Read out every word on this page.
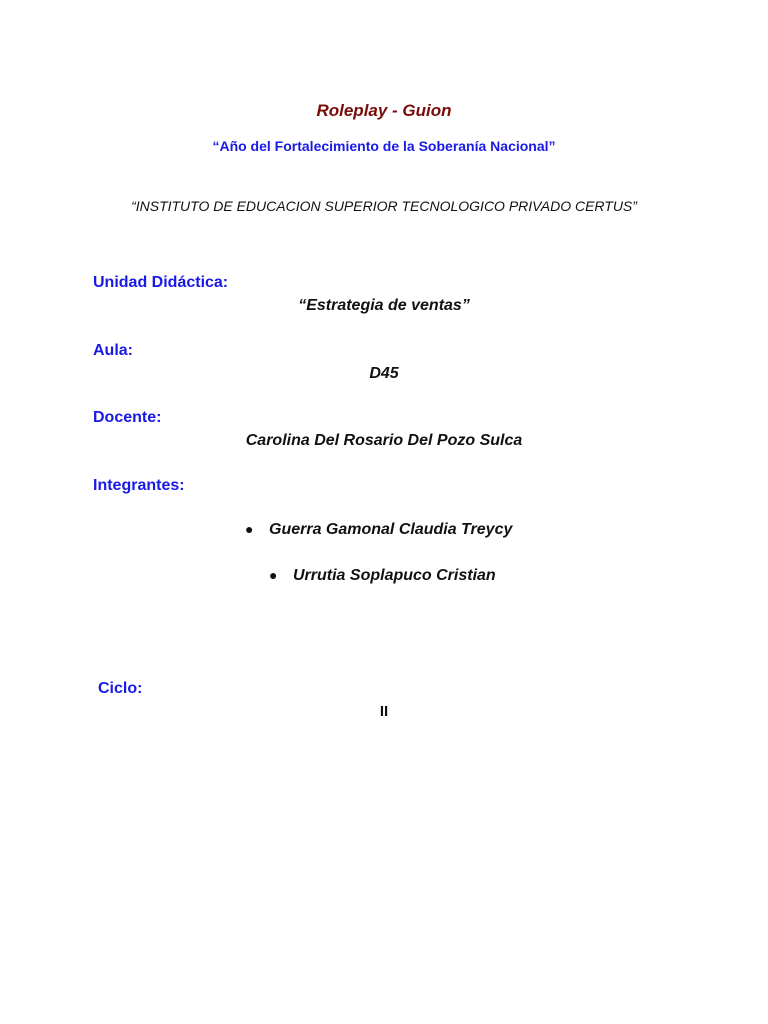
Roleplay - Guion
“Año del Fortalecimiento de la Soberanía Nacional”
“INSTITUTO DE EDUCACION SUPERIOR TECNOLOGICO PRIVADO CERTUS”
Unidad Didáctica:
“Estrategia de ventas”
Aula:
D45
Docente:
Carolina Del Rosario Del Pozo Sulca
Integrantes:
● Guerra Gamonal Claudia Treycy
● Urrutia Soplapuco Cristian
Ciclo:
II
